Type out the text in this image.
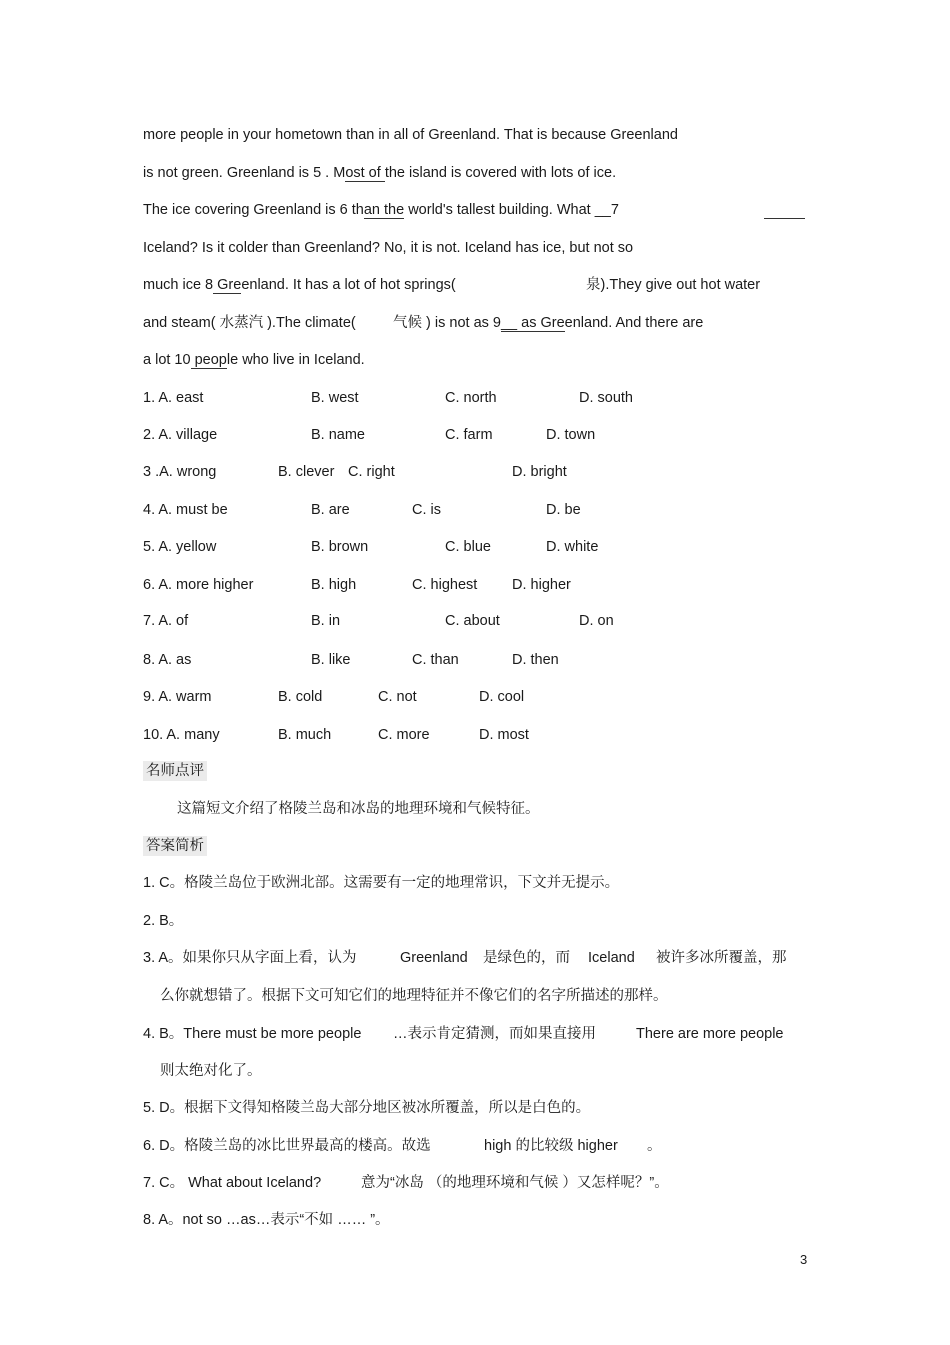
more people in your hometown than in all of Greenland. That is because Greenland
is not green. Greenland is 5 . Most of the island is covered with lots of ice.
The ice covering Greenland is 6 than the world's tallest building. What __7
Iceland? Is it colder than Greenland? No, it is not. Iceland has ice, but not so
much ice 8 Greenland. It has a lot of hot springs(	泉).They give out hot water
and steam( 水蒸汽 ).The climate(	气候 ) is not as 9__ as Greenland. And there are
a lot 10 people who live in Iceland.
1. A. east	B. west	C. north	D. south
2. A. village	B. name	C. farm	D. town
3 .A. wrong	B. clever C. right	D. bright
4. A. must be	B. are	C. is	D. be
5. A. yellow	B. brown	C. blue	D. white
6. A. more higher	B. high	C. highest D. higher
7. A. of	B. in	C. about	D. on
8. A. as	B. like	C. than	D. then
9. A. warm	B. cold	C. not	D. cool
10. A. many	B. much	C. more	D. most
名师点评
这篇短文介绍了格陵兰岛和冰岛的地理环境和气候特征。
答案简析
1. C。格陵兰岛位于欧洲北部。这需要有一定的地理常识，下文并无提示。
2. B。
3. A。如果你只从字面上看，认为	Greenland 是绿色的，而 Iceland 被许多冰所覆盖，那
么你就想错了。根据下文可知它们的地理特征并不像它们的名字所描述的那样。
4. B。There must be more people …表示肯定猜测，而如果直接用	There are more people
则太绝对化了。
5. D。根据下文得知格陵兰岛大部分地区被冰所覆盖，所以是白色的。
6. D。格陵兰岛的冰比世界最高的楼高。故选	high 的比较级 higher 。
7. C。 What about Iceland?	意为“冰岛 （的地理环境和气候 ）又怎样呢？”。
8. A。not so …as…表示“不如 …… ”。
3
